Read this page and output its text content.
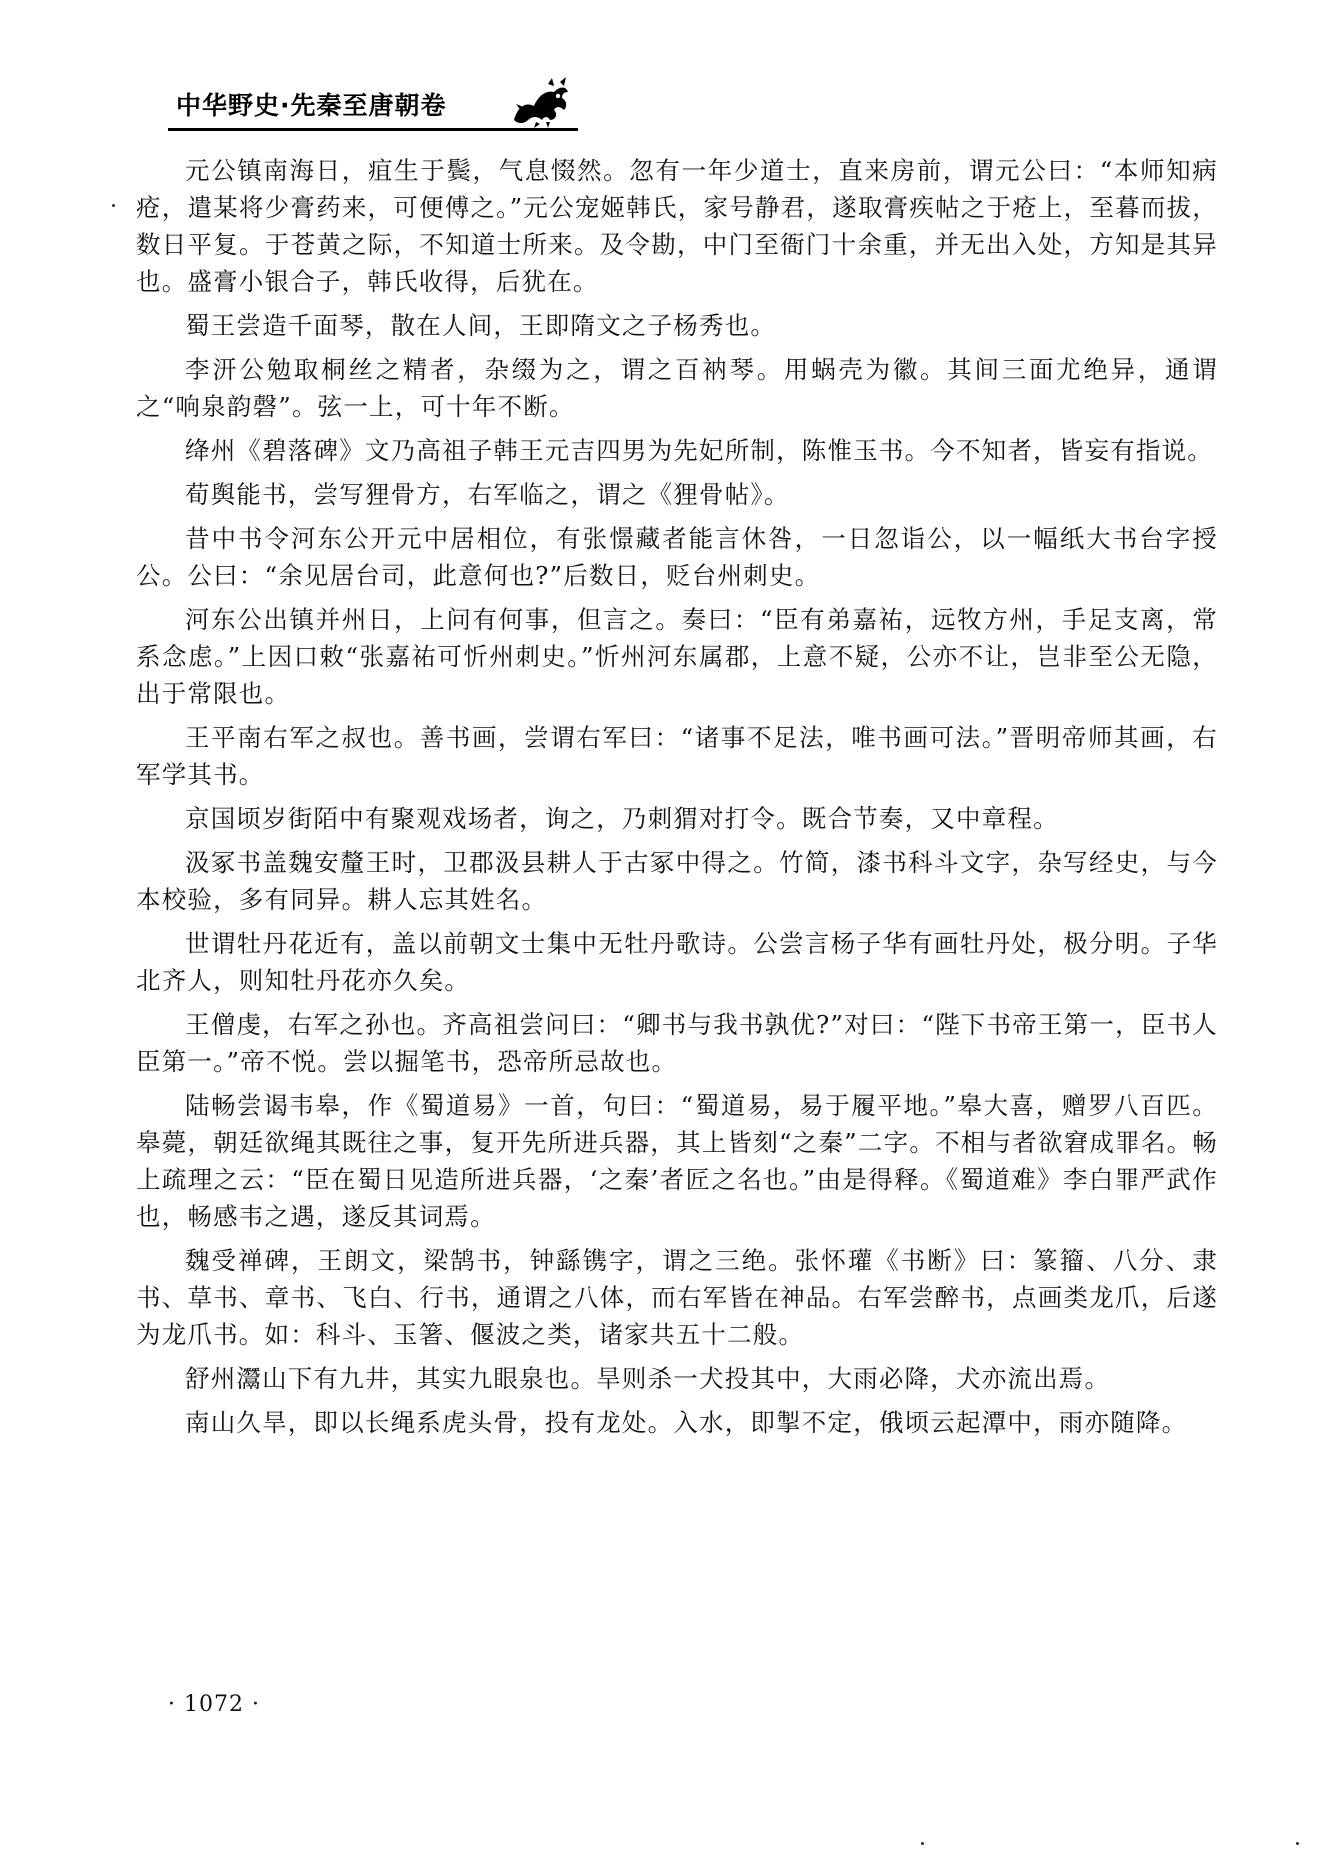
中华野史·先秦至唐朝卷

元公镇南海日，疽生于鬓，气息惙然。忽有一年少道士，直来房前，谓元公曰：“本师知病疮，遣某将少膏药来，可便傅之。”元公宠姬韩氏，家号静君，遂取膏疾帖之于疮上，至暮而拔，数日平复。于苍黄之际，不知道士所来。及令勘，中门至衙门十余重，并无出入处，方知是其异也。盛膏小银合子，韩氏收得，后犹在。

蜀王尝造千面琴，散在人间，王即隋文之子杨秀也。

李汧公勉取桐丝之精者，杂缀为之，谓之百衲琴。用蜗壳为徽。其间三面尤绝异，通谓之“响泉韵磬”。弦一上，可十年不断。

绛州《碧落碑》文乃高祖子韩王元吉四男为先妃所制，陈惟玉书。今不知者，皆妄有指说。

荀舆能书，尝写狸骨方，右军临之，谓之《狸骨帖》。

昔中书令河东公开元中居相位，有张憬藏者能言休咎，一日忽诣公，以一幅纸大书台字授公。公曰：“余见居台司，此意何也?”后数日，贬台州刺史。

河东公出镇并州日，上问有何事，但言之。奏曰：“臣有弟嘉祐，远牧方州，手足支离，常系念虑。”上因口敕“张嘉祐可忻州刺史。”忻州河东属郡，上意不疑，公亦不让，岂非至公无隐，出于常限也。

王平南右军之叔也。善书画，尝谓右军曰：“诸事不足法，唯书画可法。”晋明帝师其画，右军学其书。

京国顷岁街陌中有聚观戏场者，询之，乃刺猬对打令。既合节奏，又中章程。

汲冢书盖魏安釐王时，卫郡汲县耕人于古冢中得之。竹简，漆书科斗文字，杂写经史，与今本校验，多有同异。耕人忘其姓名。

世谓牡丹花近有，盖以前朝文士集中无牡丹歌诗。公尝言杨子华有画牡丹处，极分明。子华北齐人，则知牡丹花亦久矣。

王僧虔，右军之孙也。齐高祖尝问曰：“卿书与我书孰优?”对曰：“陛下书帝王第一，臣书人臣第一。”帝不悦。尝以掘笔书，恐帝所忌故也。

陆畅尝谒韦皋，作《蜀道易》一首，句曰：“蜀道易，易于履平地。”皋大喜，赠罗八百匹。皋薨，朝廷欲绳其既往之事，复开先所进兵器，其上皆刻“之秦”二字。不相与者欲窘成罪名。畅上疏理之云：“臣在蜀日见造所进兵器，‘之秦’者匠之名也。”由是得释。《蜀道难》李白罪严武作也，畅感韦之遇，遂反其词焉。

魏受禅碑，王朗文，梁鹄书，钟繇镌字，谓之三绝。张怀瓘《书断》曰：篆籀、八分、隶书、草书、章书、飞白、行书，通谓之八体，而右军皆在神品。右军尝醉书，点画类龙爪，后遂为龙爪书。如：科斗、玉箸、偃波之类，诸家共五十二般。

舒州灊山下有九井，其实九眼泉也。旱则杀一犬投其中，大雨必降，犬亦流出焉。

南山久旱，即以长绳系虎头骨，投有龙处。入水，即掣不定，俄顷云起潭中，雨亦随降。

· 1072 ·
